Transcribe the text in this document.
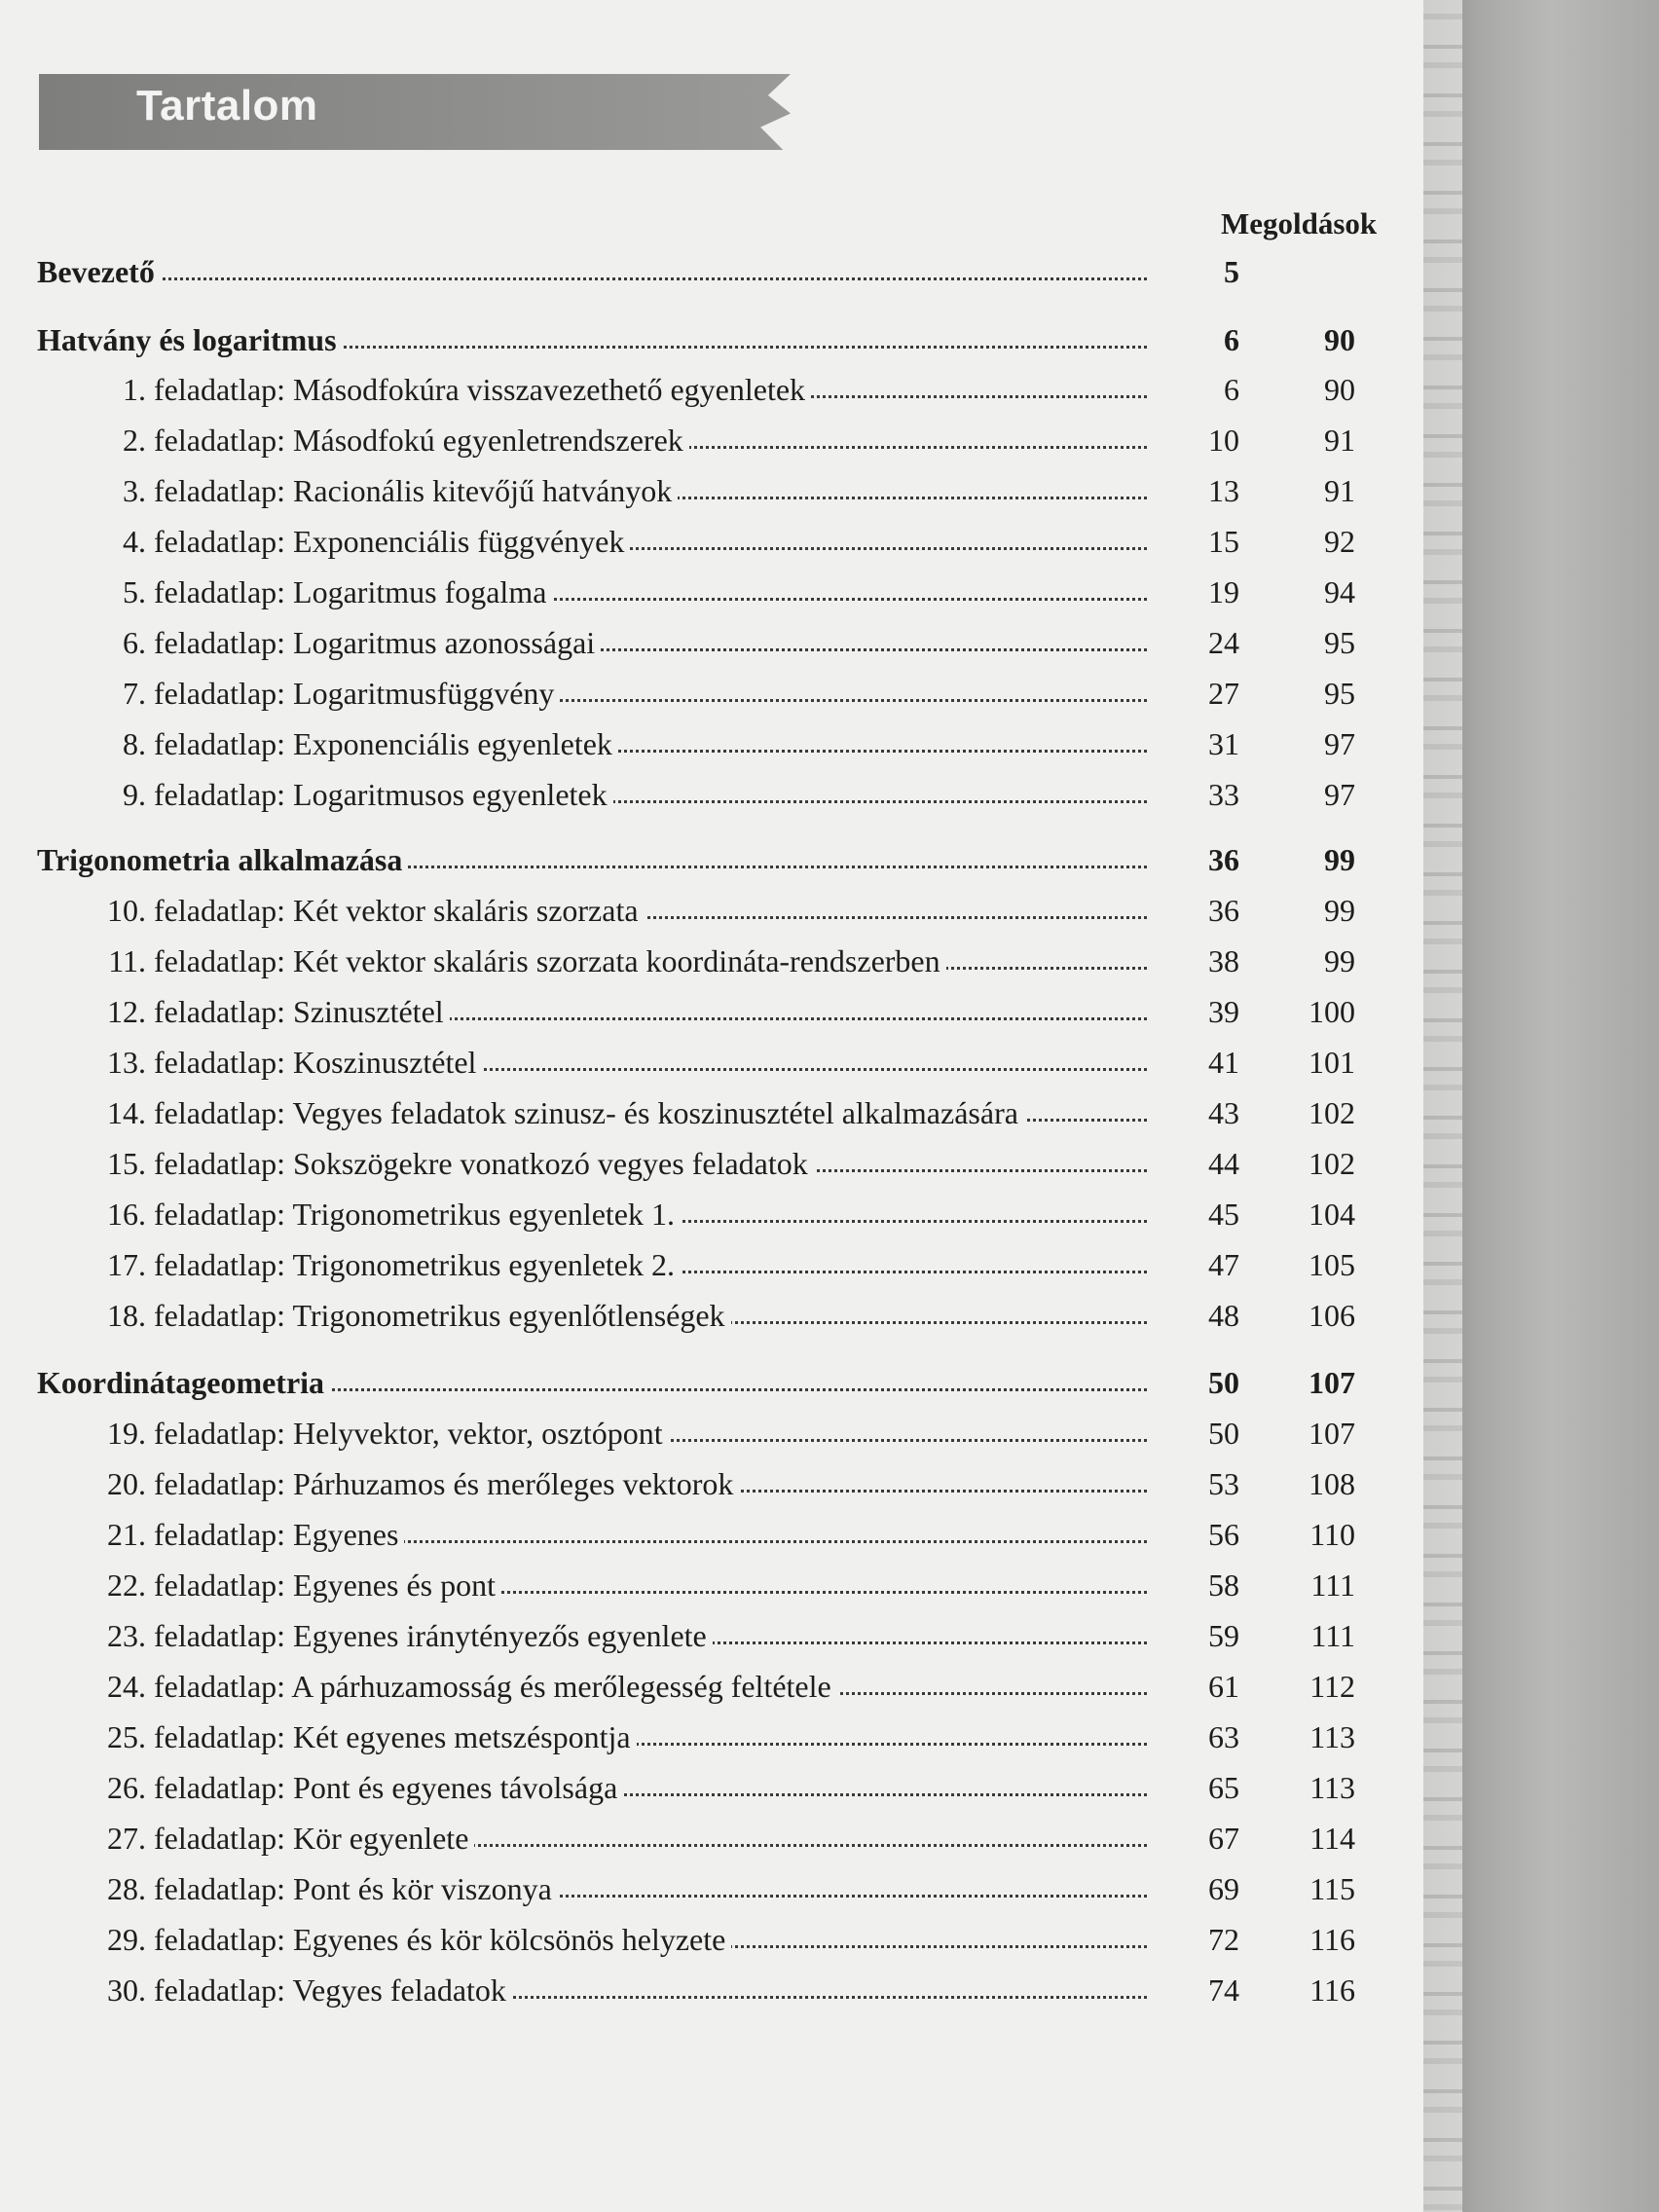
Tartalom
Megoldások
Bevezető	5
Hatvány és logaritmus	6	90
1. feladatlap: Másodfokúra visszavezethető egyenletek	6	90
2. feladatlap: Másodfokú egyenletrendszerek	10	91
3. feladatlap: Racionális kitevőjű hatványok	13	91
4. feladatlap: Exponenciális függvények	15	92
5. feladatlap: Logaritmus fogalma	19	94
6. feladatlap: Logaritmus azonosságai	24	95
7. feladatlap: Logaritmusfüggvény	27	95
8. feladatlap: Exponenciális egyenletek	31	97
9. feladatlap: Logaritmusos egyenletek	33	97
Trigonometria alkalmazása	36	99
10. feladatlap: Két vektor skaláris szorzata	36	99
11. feladatlap: Két vektor skaláris szorzata koordináta-rendszerben	38	99
12. feladatlap: Szinusztétel	39	100
13. feladatlap: Koszinusztétel	41	101
14. feladatlap: Vegyes feladatok szinusz- és koszinusztétel alkalmazására	43	102
15. feladatlap: Sokszögekre vonatkozó vegyes feladatok	44	102
16. feladatlap: Trigonometrikus egyenletek 1.	45	104
17. feladatlap: Trigonometrikus egyenletek 2.	47	105
18. feladatlap: Trigonometrikus egyenlőtlenségek	48	106
Koordinátageometria	50	107
19. feladatlap: Helyvektor, vektor, osztópont	50	107
20. feladatlap: Párhuzamos és merőleges vektorok	53	108
21. feladatlap: Egyenes	56	110
22. feladatlap: Egyenes és pont	58	111
23. feladatlap: Egyenes iránytényezős egyenlete	59	111
24. feladatlap: A párhuzamosság és merőlegesség feltétele	61	112
25. feladatlap: Két egyenes metszéspontja	63	113
26. feladatlap: Pont és egyenes távolsága	65	113
27. feladatlap: Kör egyenlete	67	114
28. feladatlap: Pont és kör viszonya	69	115
29. feladatlap: Egyenes és kör kölcsönös helyzete	72	116
30. feladatlap: Vegyes feladatok	74	116
